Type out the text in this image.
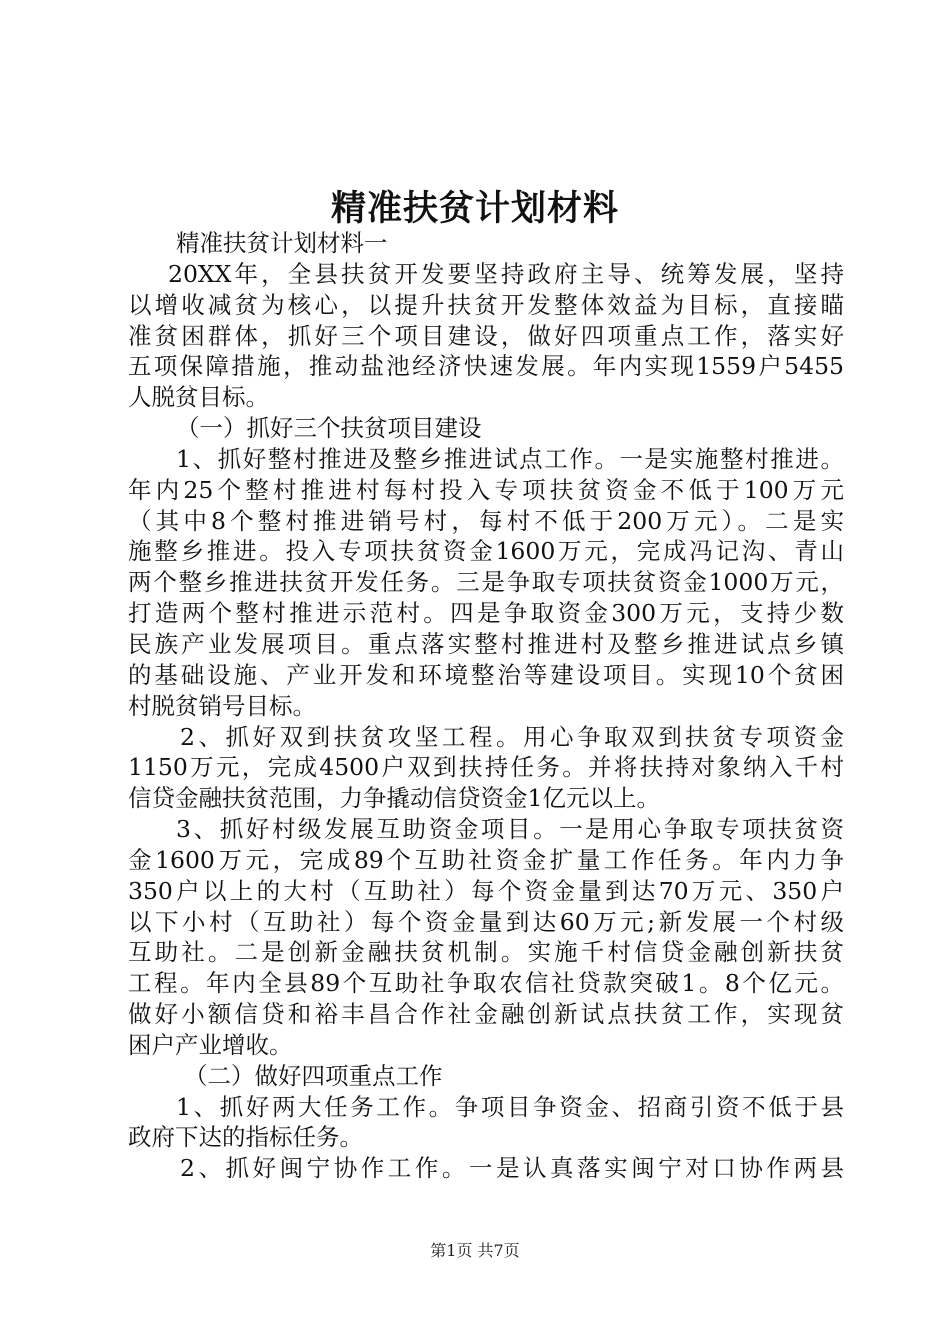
精准扶贫计划材料
精准扶贫计划材料一
20XX年，全县扶贫开发要坚持政府主导、统筹发展，坚持
以增收减贫为核心，以提升扶贫开发整体效益为目标，直接瞄
准贫困群体，抓好三个项目建设，做好四项重点工作，落实好
五项保障措施，推动盐池经济快速发展。年内实现1559户5455
人脱贫目标。
（一）抓好三个扶贫项目建设
1、抓好整村推进及整乡推进试点工作。一是实施整村推进。
年内25个整村推进村每村投入专项扶贫资金不低于100万元
（其中8个整村推进销号村，每村不低于200万元）。二是实
施整乡推进。投入专项扶贫资金1600万元，完成冯记沟、青山
两个整乡推进扶贫开发任务。三是争取专项扶贫资金1000万元，
打造两个整村推进示范村。四是争取资金300万元，支持少数
民族产业发展项目。重点落实整村推进村及整乡推进试点乡镇
的基础设施、产业开发和环境整治等建设项目。实现10个贫困
村脱贫销号目标。
2、抓好双到扶贫攻坚工程。用心争取双到扶贫专项资金
1150万元，完成4500户双到扶持任务。并将扶持对象纳入千村
信贷金融扶贫范围，力争撬动信贷资金1亿元以上。
3、抓好村级发展互助资金项目。一是用心争取专项扶贫资
金1600万元，完成89个互助社资金扩量工作任务。年内力争
350户以上的大村（互助社）每个资金量到达70万元、350户
以下小村（互助社）每个资金量到达60万元;新发展一个村级
互助社。二是创新金融扶贫机制。实施千村信贷金融创新扶贫
工程。年内全县89个互助社争取农信社贷款突破1。8个亿元。
做好小额信贷和裕丰昌合作社金融创新试点扶贫工作，实现贫
困户产业增收。
（二）做好四项重点工作
1、抓好两大任务工作。争项目争资金、招商引资不低于县
政府下达的指标任务。
2、抓好闽宁协作工作。一是认真落实闽宁对口协作两县
第1页 共7页
